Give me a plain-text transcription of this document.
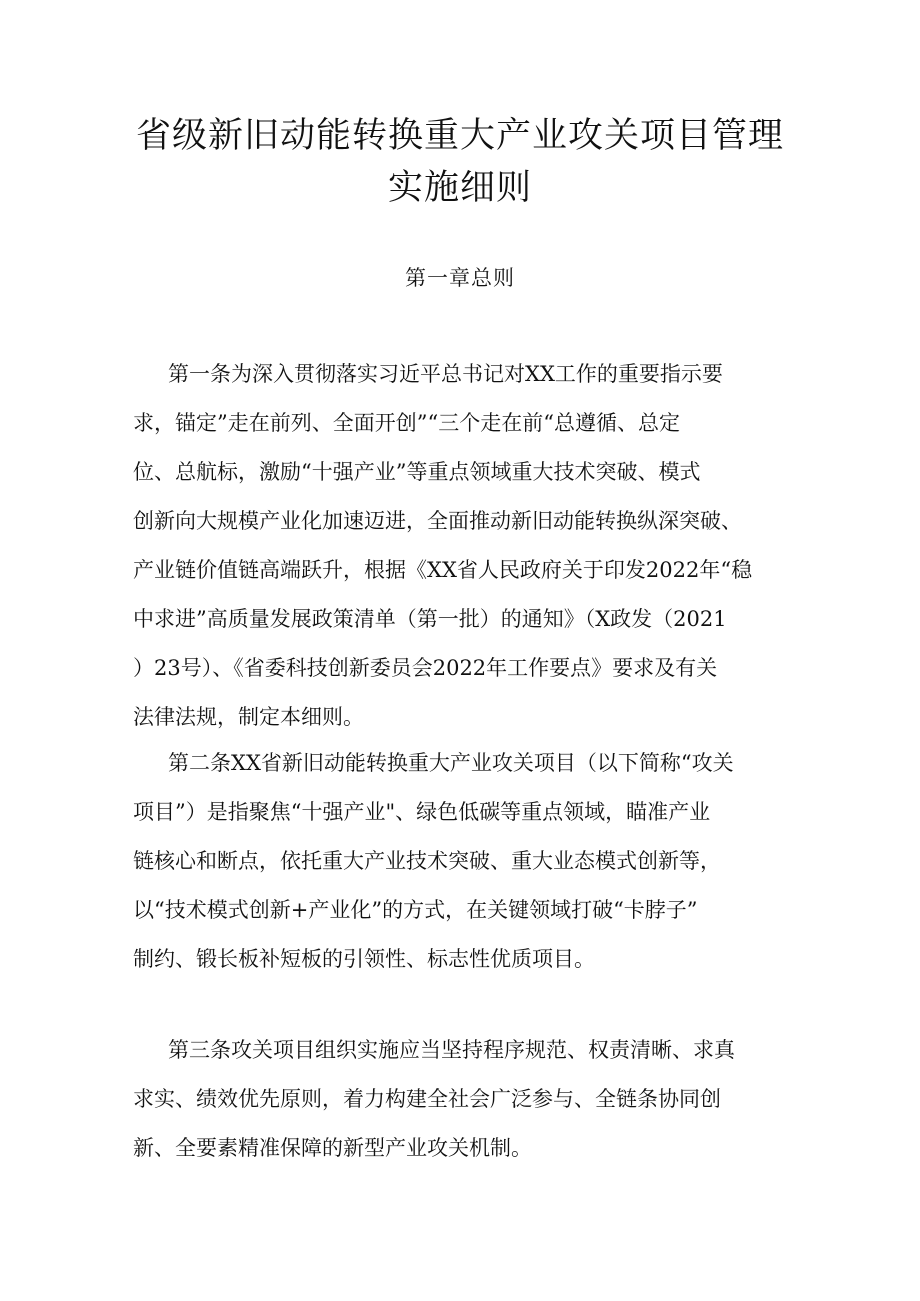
省级新旧动能转换重大产业攻关项目管理
实施细则
第一章总则
第一条为深入贯彻落实习近平总书记对XX工作的重要指示要
求，锚定”走在前列、全面开创”“三个走在前“总遵循、总定
位、总航标，激励“十强产业”等重点领域重大技术突破、模式
创新向大规模产业化加速迈进，全面推动新旧动能转换纵深突破、
产业链价值链高端跃升，根据《XX省人民政府关于印发2022年“稳
中求进”高质量发展政策清单（第一批）的通知》（X政发（2021
）23号）、《省委科技创新委员会2022年工作要点》要求及有关
法律法规，制定本细则。
第二条XX省新旧动能转换重大产业攻关项目（以下简称“攻关
项目”）是指聚焦“十强产业"、绿色低碳等重点领域，瞄准产业
链核心和断点，依托重大产业技术突破、重大业态模式创新等，
以“技术模式创新+产业化”的方式，在关键领域打破“卡脖子”
制约、锻长板补短板的引领性、标志性优质项目。
第三条攻关项目组织实施应当坚持程序规范、权责清晰、求真
求实、绩效优先原则，着力构建全社会广泛参与、全链条协同创
新、全要素精准保障的新型产业攻关机制。
